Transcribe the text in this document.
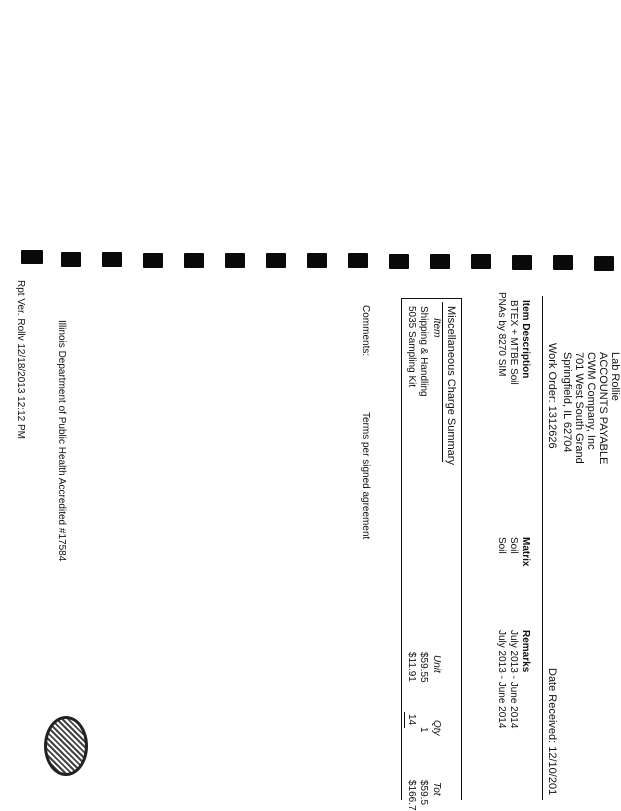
Lab Rollie
ACCOUNTS PAYABLE
CWM Company, Inc
701 West South Grand
Springfield, IL 62704
Work Order: 1312626
Date Received: 12/10/201
Item Description
Matrix
Remarks
BTEX + MTBE Soil
Soil
July 2013 - June 2014
PNAs by 8270 SIM
Soil
July 2013 - June 2014
Miscellaneous Charge Summary
Item
Unit
Qty
Tot
Shipping & Handling
$59.55
1
$59.5
5035 Sampling Kit
$11.91
14
$166.7
Comments:
Terms per signed agreement
Illinois Department of Public Health Accredited #17584
Rpt Ver. Rollv 12/18/2013 12:12 PM
